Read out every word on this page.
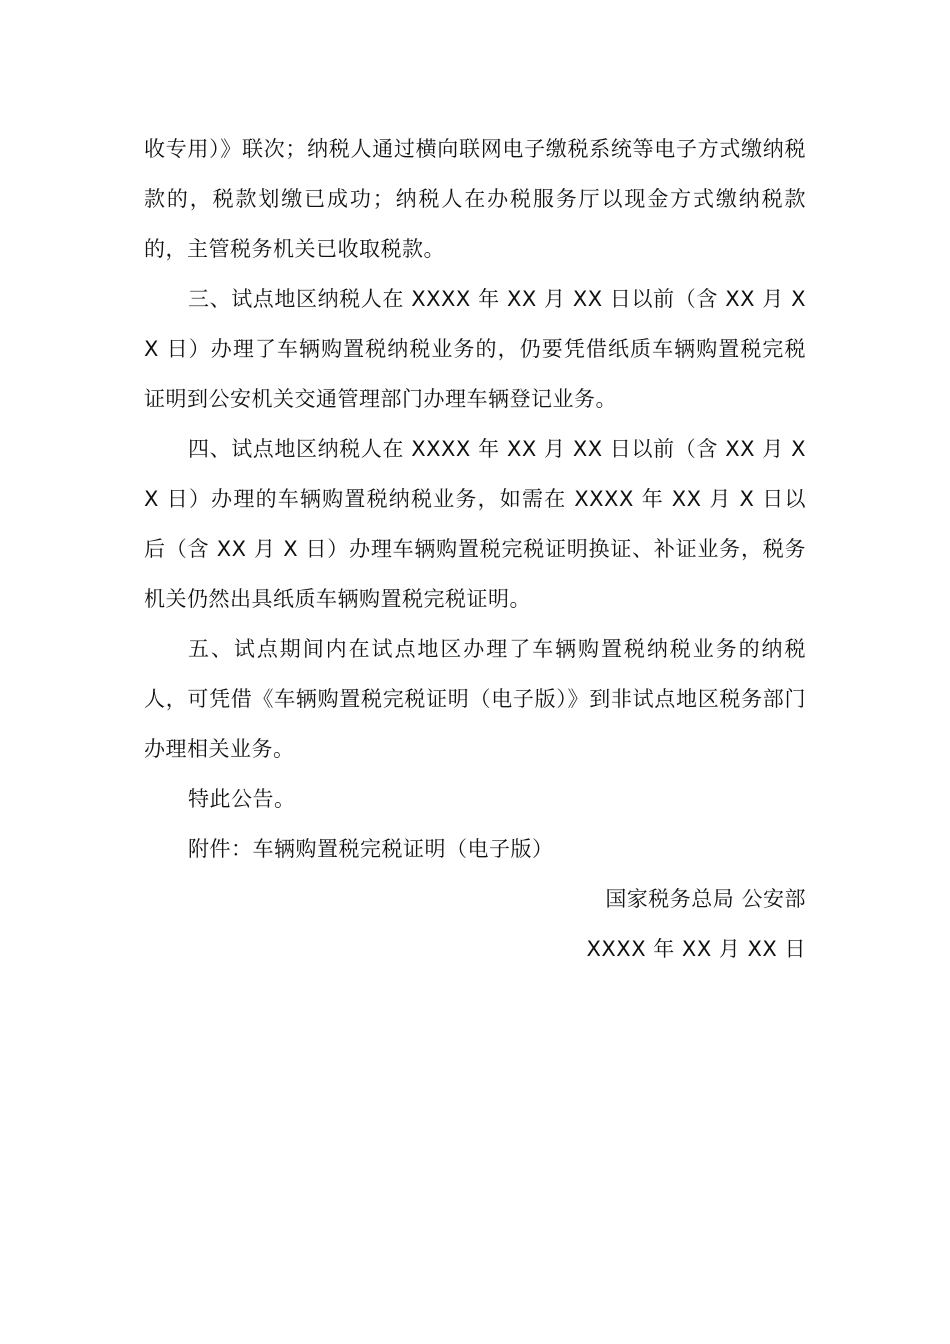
收专用）》联次；纳税人通过横向联网电子缴税系统等电子方式缴纳税款的，税款划缴已成功；纳税人在办税服务厅以现金方式缴纳税款的，主管税务机关已收取税款。

三、试点地区纳税人在 XXXX 年 XX 月 XX 日以前（含 XX 月 XX 日）办理了车辆购置税纳税业务的，仍要凭借纸质车辆购置税完税证明到公安机关交通管理部门办理车辆登记业务。

四、试点地区纳税人在 XXXX 年 XX 月 XX 日以前（含 XX 月 XX 日）办理的车辆购置税纳税业务，如需在 XXXX 年 XX 月 X 日以后（含 XX 月 X 日）办理车辆购置税完税证明换证、补证业务，税务机关仍然出具纸质车辆购置税完税证明。

五、试点期间内在试点地区办理了车辆购置税纳税业务的纳税人，可凭借《车辆购置税完税证明（电子版）》到非试点地区税务部门办理相关业务。

特此公告。

附件：车辆购置税完税证明（电子版）

国家税务总局 公安部

XXXX 年 XX 月 XX 日
